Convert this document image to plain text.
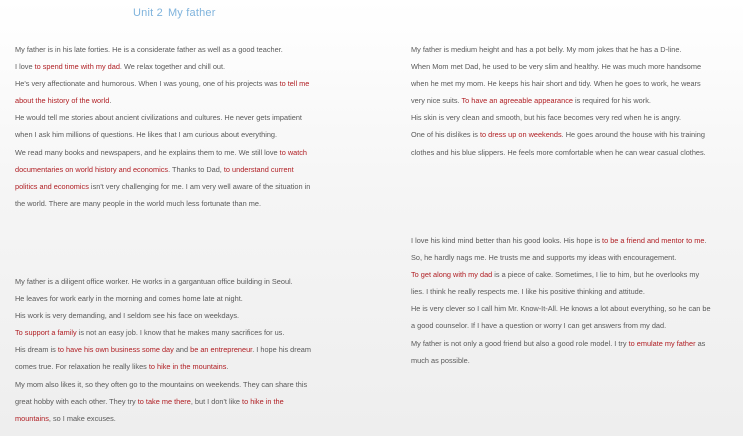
Unit 2 My father
My father is in his late forties. He is a considerate father as well as a good teacher.
I love to spend time with my dad. We relax together and chill out.
He's very affectionate and humorous. When I was young, one of his projects was to tell me
about the history of the world.
He would tell me stories about ancient civilizations and cultures. He never gets impatient
when I ask him millions of questions. He likes that I am curious about everything.
We read many books and newspapers, and he explains them to me. We still love to watch
documentaries on world history and economics. Thanks to Dad, to understand current
politics and economics isn't very challenging for me. I am very well aware of the situation in
the world. There are many people in the world much less fortunate than me.
My father is medium height and has a pot belly. My mom jokes that he has a D-line.
When Mom met Dad, he used to be very slim and healthy. He was much more handsome
when he met my mom. He keeps his hair short and tidy. When he goes to work, he wears
very nice suits. To have an agreeable appearance is required for his work.
His skin is very clean and smooth, but his face becomes very red when he is angry.
One of his dislikes is to dress up on weekends. He goes around the house with his training
clothes and his blue slippers. He feels more comfortable when he can wear casual clothes.
I love his kind mind better than his good looks. His hope is to be a friend and mentor to me.
So, he hardly nags me. He trusts me and supports my ideas with encouragement.
To get along with my dad is a piece of cake. Sometimes, I lie to him, but he overlooks my
lies. I think he really respects me. I like his positive thinking and attitude.
He is very clever so I call him Mr. Know-It-All. He knows a lot about everything, so he can be
a good counselor. If I have a question or worry I can get answers from my dad.
My father is not only a good friend but also a good role model. I try to emulate my father as
much as possible.
My father is a diligent office worker. He works in a gargantuan office building in Seoul.
He leaves for work early in the morning and comes home late at night.
His work is very demanding, and I seldom see his face on weekdays.
To support a family is not an easy job. I know that he makes many sacrifices for us.
His dream is to have his own business some day and be an entrepreneur. I hope his dream
comes true. For relaxation he really likes to hike in the mountains.
My mom also likes it, so they often go to the mountains on weekends. They can share this
great hobby with each other. They try to take me there, but I don't like to hike in the
mountains, so I make excuses.
